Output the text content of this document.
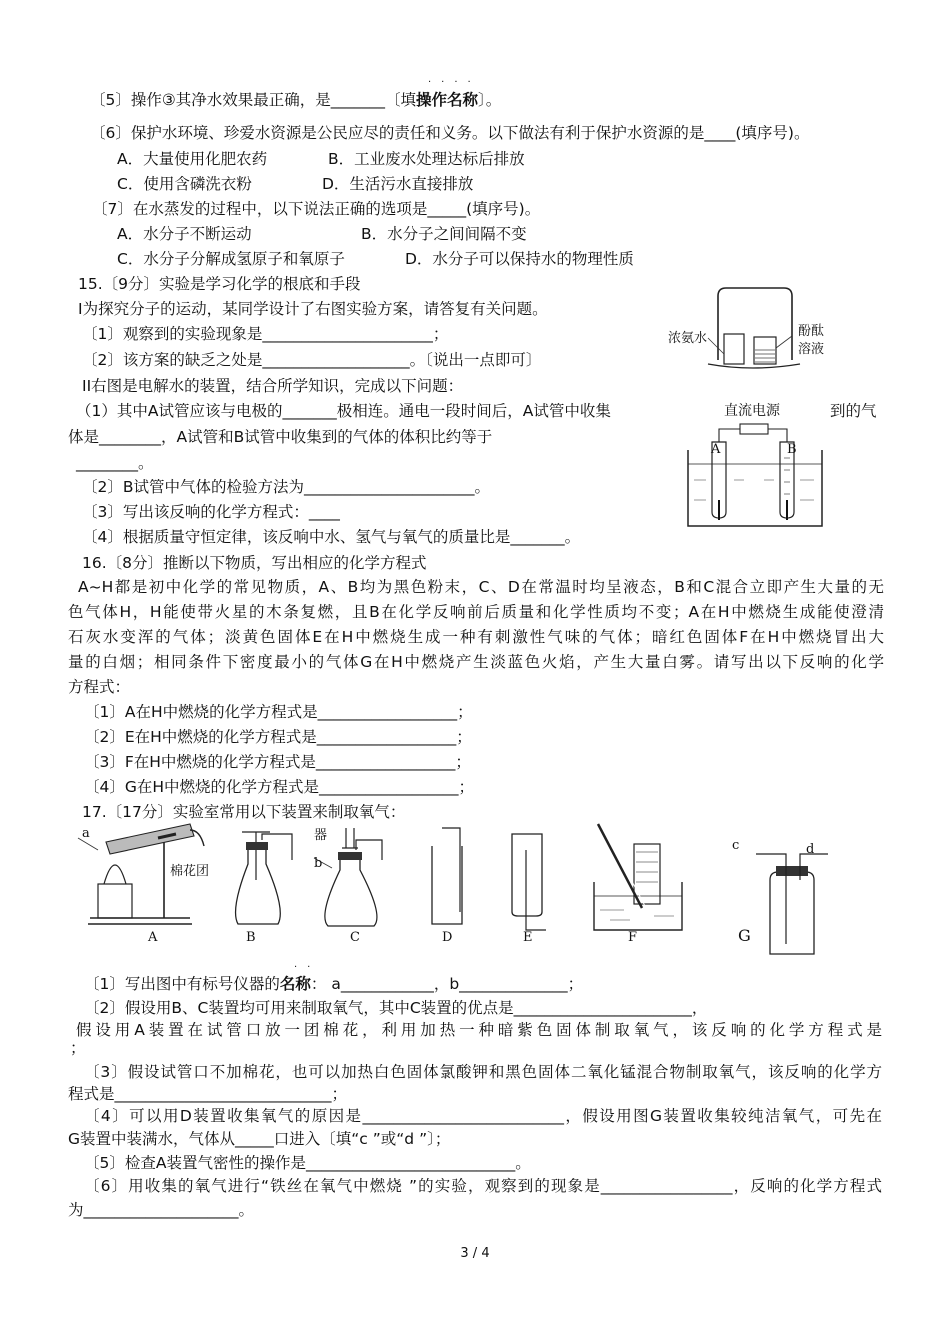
····
〔5〕操作③其净水效果最正确，是_______〔填操作名称〕。
〔6〕保护水环境、珍爱水资源是公民应尽的责任和义务。以下做法有利于保护水资源的是____(填序号)。
A．大量使用化肥农药	B．工业废水处理达标后排放
C．使用含磷洗衣粉	D．生活污水直接排放
〔7〕在水蒸发的过程中，以下说法正确的选项是_____(填序号)。
A．水分子不断运动	B．水分子之间间隔不变
C．水分子分解成氢原子和氧原子	D．水分子可以保持水的物理性质
15.〔9分〕实验是学习化学的根底和手段
I为探究分子的运动，某同学设计了右图实验方案，请答复有关问题。
〔1〕观察到的实验现象是______________________；
〔2〕该方案的缺乏之处是___________________。〔说出一点即可〕
II右图是电解水的装置，结合所学知识，完成以下问题：
（1）其中A试管应该与电极的_______极相连。通电一段时间后，A试管中收集	到的气
体是________，A试管和B试管中收集到的气体的体积比约等于
________。
〔2〕B试管中气体的检验方法为______________________。
〔3〕写出该反响的化学方程式：____
〔4〕根据质量守恒定律，该反响中水、氢气与氧气的质量比是_______。
浓氨水	酚酞
溶液
直流电源
A	B
16.〔8分〕推断以下物质，写出相应的化学方程式
A~H都是初中化学的常见物质，A、B均为黑色粉末，C、D在常温时均呈液态，B和C混合立即产生大量的无
色气体H，H能使带火星的木条复燃，且B在化学反响前后质量和化学性质均不变；A在H中燃烧生成能使澄清
石灰水变浑的气体；淡黄色固体E在H中燃烧生成一种有刺激性气味的气体；暗红色固体F在H中燃烧冒出大
量的白烟；相同条件下密度最小的气体G在H中燃烧产生淡蓝色火焰，产生大量白雾。请写出以下反响的化学
方程式：
〔1〕A在H中燃烧的化学方程式是__________________；
〔2〕E在H中燃烧的化学方程式是__________________；
〔3〕F在H中燃烧的化学方程式是__________________；
〔4〕G在H中燃烧的化学方程式是__________________；
17.〔17分〕实验室常用以下装置来制取氧气：
a
棉花团
器
b
c	d
G
A	B	C	D	E	F
··
〔1〕写出图中有标号仪器的名称： a____________，b______________；
〔2〕假设用B、C装置均可用来制取氧气，其中C装置的优点是_______________________，
假设用A装置在试管口放一团棉花，利用加热一种暗紫色固体制取氧气，该反响的化学方程式是
；
〔3〕假设试管口不加棉花，也可以加热白色固体氯酸钾和黑色固体二氧化锰混合物制取氧气，该反响的化学方
程式是____________________________；
〔4〕可以用D装置收集氧气的原因是__________________________，假设用图G装置收集较纯洁氧气，可先在
G装置中装满水，气体从_____口进入〔填“c ”或“d ”〕；
〔5〕检查A装置气密性的操作是___________________________。
〔6〕用收集的氧气进行“铁丝在氧气中燃烧 ”的实验，观察到的现象是_________________，反响的化学方程式
为____________________。
3 / 4
